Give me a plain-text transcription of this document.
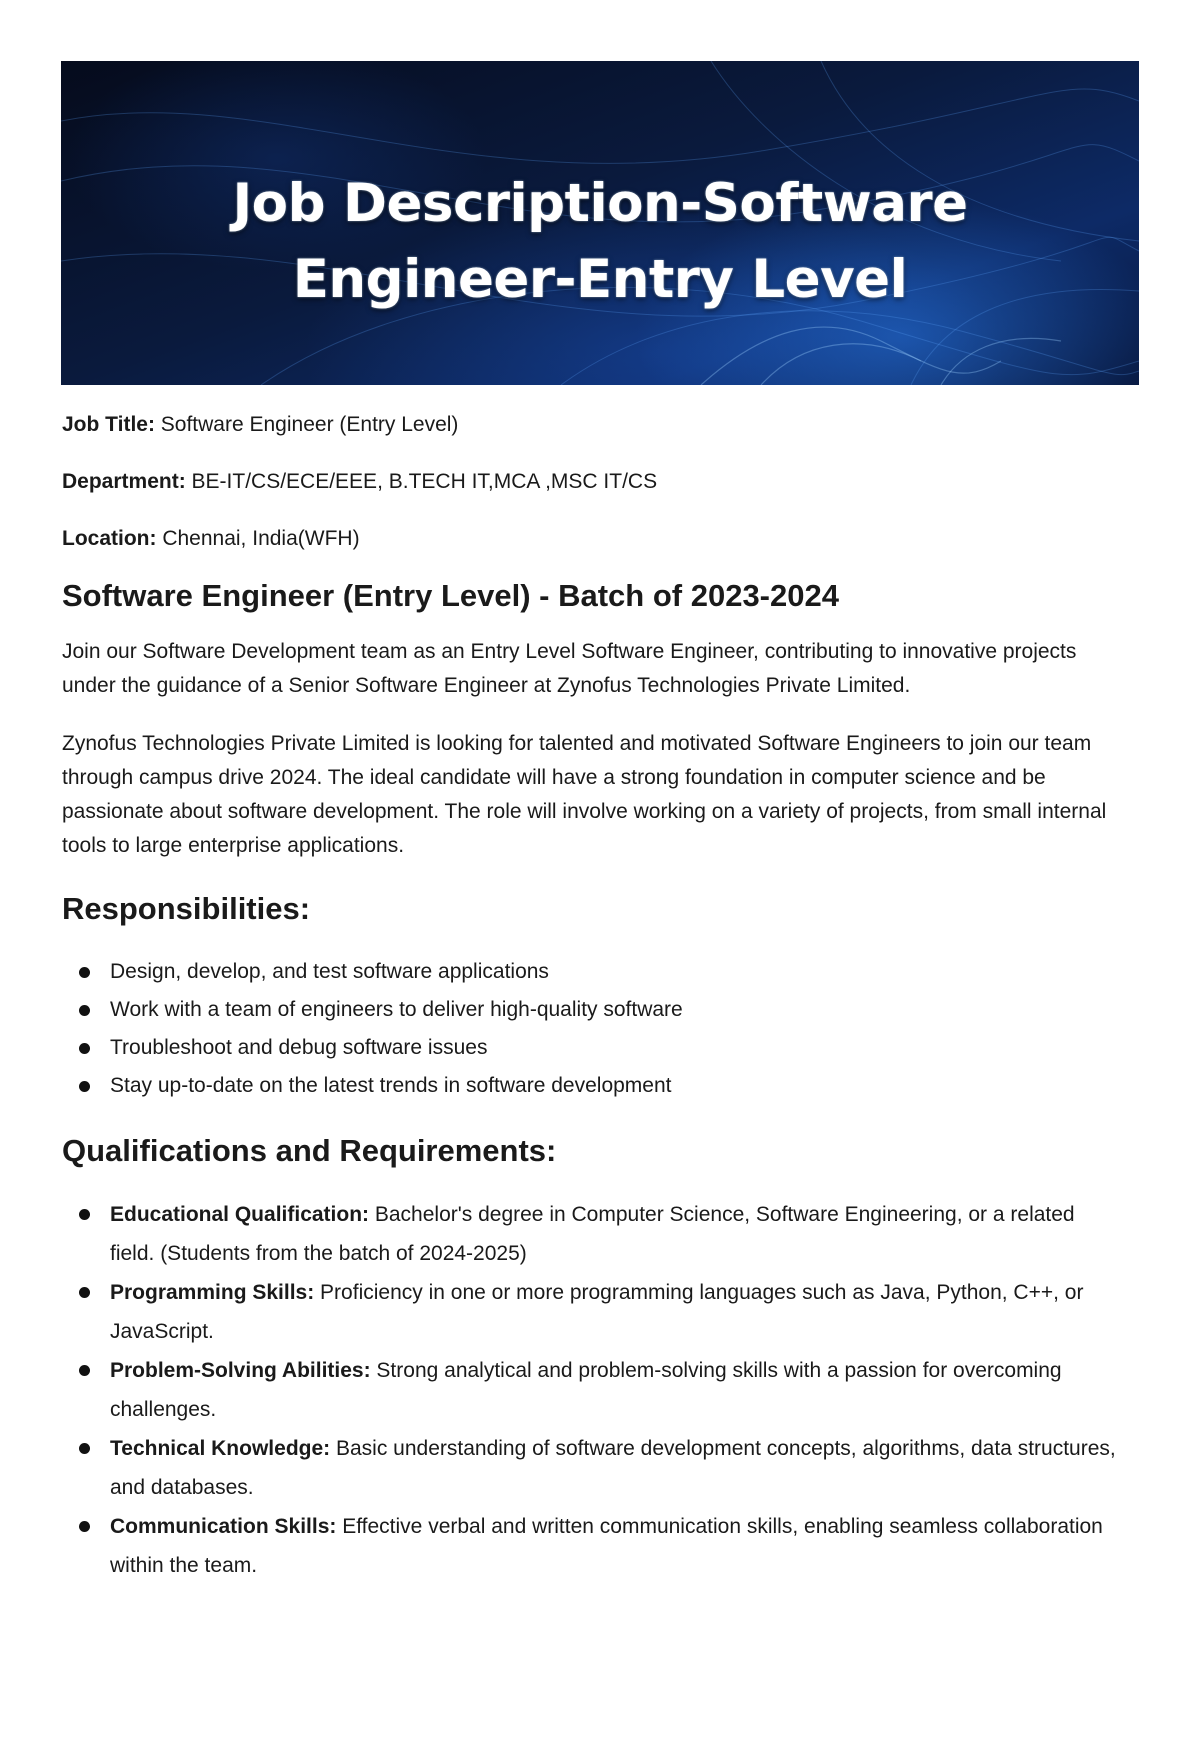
Job Description-Software
Engineer-Entry Level

Job Title: Software Engineer (Entry Level)

Department: BE-IT/CS/ECE/EEE, B.TECH IT,MCA ,MSC IT/CS

Location: Chennai, India(WFH)

Software Engineer (Entry Level) - Batch of 2023-2024

Join our Software Development team as an Entry Level Software Engineer, contributing to innovative projects under the guidance of a Senior Software Engineer at Zynofus Technologies Private Limited.

Zynofus Technologies Private Limited is looking for talented and motivated Software Engineers to join our team through campus drive 2024. The ideal candidate will have a strong foundation in computer science and be passionate about software development. The role will involve working on a variety of projects, from small internal tools to large enterprise applications.

Responsibilities:
Design, develop, and test software applications
Work with a team of engineers to deliver high-quality software
Troubleshoot and debug software issues
Stay up-to-date on the latest trends in software development
Qualifications and Requirements:
Educational Qualification: Bachelor's degree in Computer Science, Software Engineering, or a related field. (Students from the batch of 2024-2025)
Programming Skills: Proficiency in one or more programming languages such as Java, Python, C++, or JavaScript.
Problem-Solving Abilities: Strong analytical and problem-solving skills with a passion for overcoming challenges.
Technical Knowledge: Basic understanding of software development concepts, algorithms, data structures, and databases.
Communication Skills: Effective verbal and written communication skills, enabling seamless collaboration within the team.
